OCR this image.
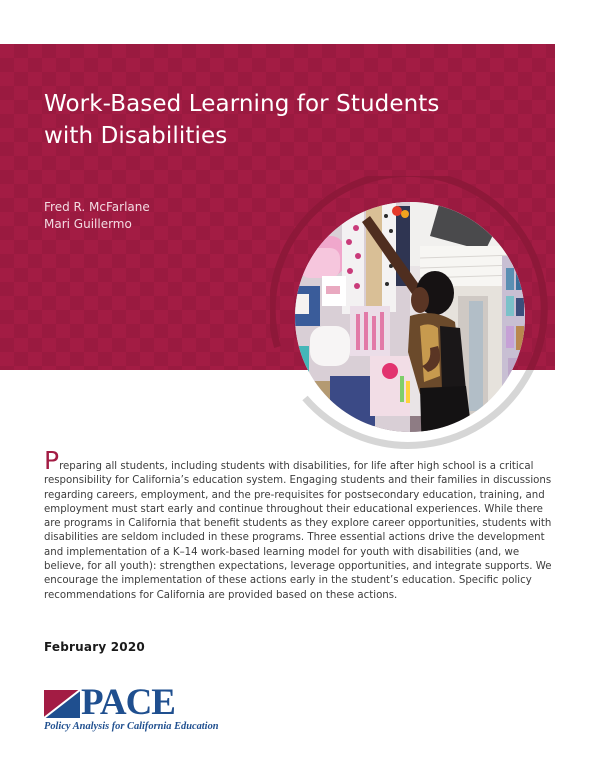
Work-Based Learning for Students
with Disabilities
Fred R. McFarlane
Mari Guillermo

Preparing all students, including students with disabilities, for life after high school is a critical responsibility for California’s education system. Engaging students and their families in discussions regarding careers, employment, and the pre-requisites for postsecondary education, training, and employment must start early and continue throughout their educational experiences. While there are programs in California that benefit students as they explore career opportunities, students with disabilities are seldom included in these programs. Three essential actions drive the development and implementation of a K–14 work-based learning model for youth with disabilities (and, we believe, for all youth): strengthen expectations, leverage opportunities, and integrate supports. We encourage the implementation of these actions early in the student’s education. Specific policy recommendations for California are provided based on these actions.

February 2020
PACE
Policy Analysis for California Education
